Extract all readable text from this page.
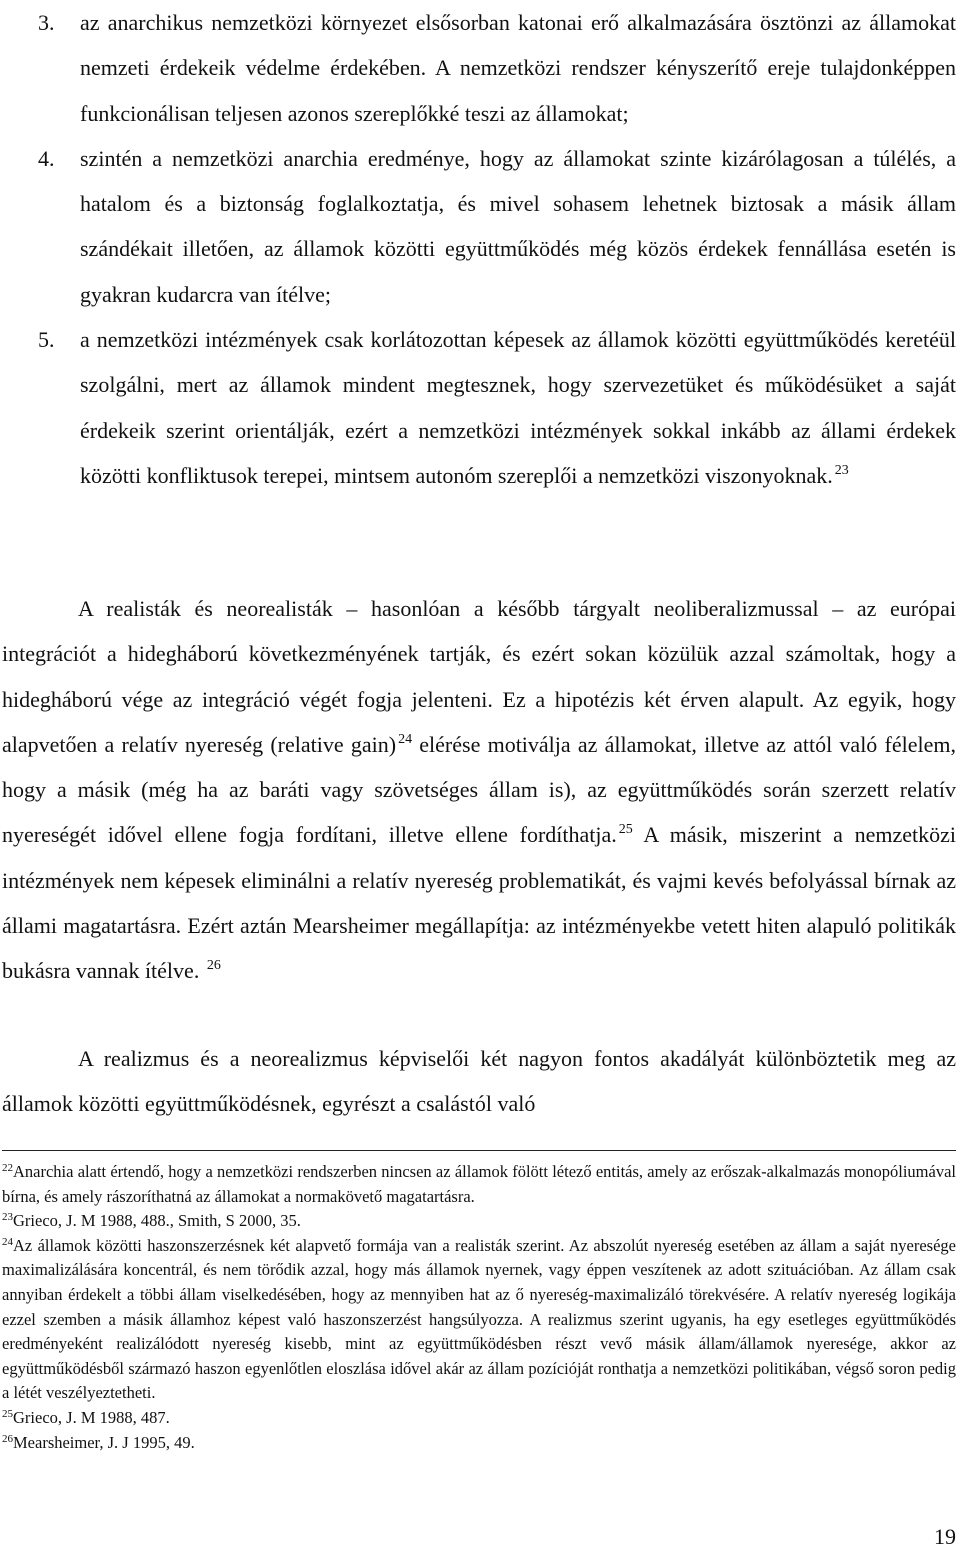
3. az anarchikus nemzetközi környezet elsősorban katonai erő alkalmazására ösztönzi az államokat nemzeti érdekeik védelme érdekében. A nemzetközi rendszer kényszerítő ereje tulajdonképpen funkcionálisan teljesen azonos szereplőkké teszi az államokat;
4. szintén a nemzetközi anarchia eredménye, hogy az államokat szinte kizárólagosan a túlélés, a hatalom és a biztonság foglalkoztatja, és mivel sohasem lehetnek biztosak a másik állam szándékait illetően, az államok közötti együttműködés még közös érdekek fennállása esetén is gyakran kudarcra van ítélve;
5. a nemzetközi intézmények csak korlátozottan képesek az államok közötti együttműködés keretéül szolgálni, mert az államok mindent megtesznek, hogy szervezetüket és működésüket a saját érdekeik szerint orientálják, ezért a nemzetközi intézmények sokkal inkább az állami érdekek közötti konfliktusok terepei, mintsem autonóm szereplői a nemzetközi viszonyoknak. $^{23}$
A realisták és neorealisták – hasonlóan a később tárgyalt neoliberalizmussal – az európai integrációt a hidegháború következményének tartják, és ezért sokan közülük azzal számoltak, hogy a hidegháború vége az integráció végét fogja jelenteni. Ez a hipotézis két érven alapult. Az egyik, hogy alapvetően a relatív nyereség (relative gain) $^{24}$ elérése motiválja az államokat, illetve az attól való félelem, hogy a másik (még ha az baráti vagy szövetséges állam is), az együttműködés során szerzett relatív nyereségét idővel ellene fogja fordítani, illetve ellene fordíthatja. $^{25}$ A másik, miszerint a nemzetközi intézmények nem képesek eliminálni a relatív nyereség problematikát, és vajmi kevés befolyással bírnak az állami magatartásra. Ezért aztán Mearsheimer megállapítja: az intézményekbe vetett hiten alapuló politikák bukásra vannak ítélve. $^{26}$
A realizmus és a neorealizmus képviselői két nagyon fontos akadályát különböztetik meg az államok közötti együttműködésnek, egyrészt a csalástól való

$^{22}$Anarchia alatt értendő, hogy a nemzetközi rendszerben nincsen az államok fölött létező entitás, amely az erőszak-alkalmazás monopóliumával bírna, és amely rászoríthatná az államokat a normakövető magatartásra.

$^{23}$Grieco, J. M 1988, 488., Smith, S 2000, 35.

$^{24}$Az államok közötti haszonszerzésnek két alapvető formája van a realisták szerint. Az abszolút nyereség esetében az állam a saját nyeresége maximalizálására koncentrál, és nem törődik azzal, hogy más államok nyernek, vagy éppen veszítenek az adott szituációban. Az állam csak annyiban érdekelt a többi állam viselkedésében, hogy az mennyiben hat az ő nyereség-maximalizáló törekvésére. A relatív nyereség logikája ezzel szemben a másik államhoz képest való haszonszerzést hangsúlyozza. A realizmus szerint ugyanis, ha egy esetleges együttműködés eredményeként realizálódott nyereség kisebb, mint az együttműködésben részt vevő másik állam/államok nyeresége, akkor az együttműködésből származó haszon egyenlőtlen eloszlása idővel akár az állam pozícióját ronthatja a nemzetközi politikában, végső soron pedig a létét veszélyeztetheti.

$^{25}$Grieco, J. M 1988, 487.

$^{26}$Mearsheimer, J. J 1995, 49.

19
